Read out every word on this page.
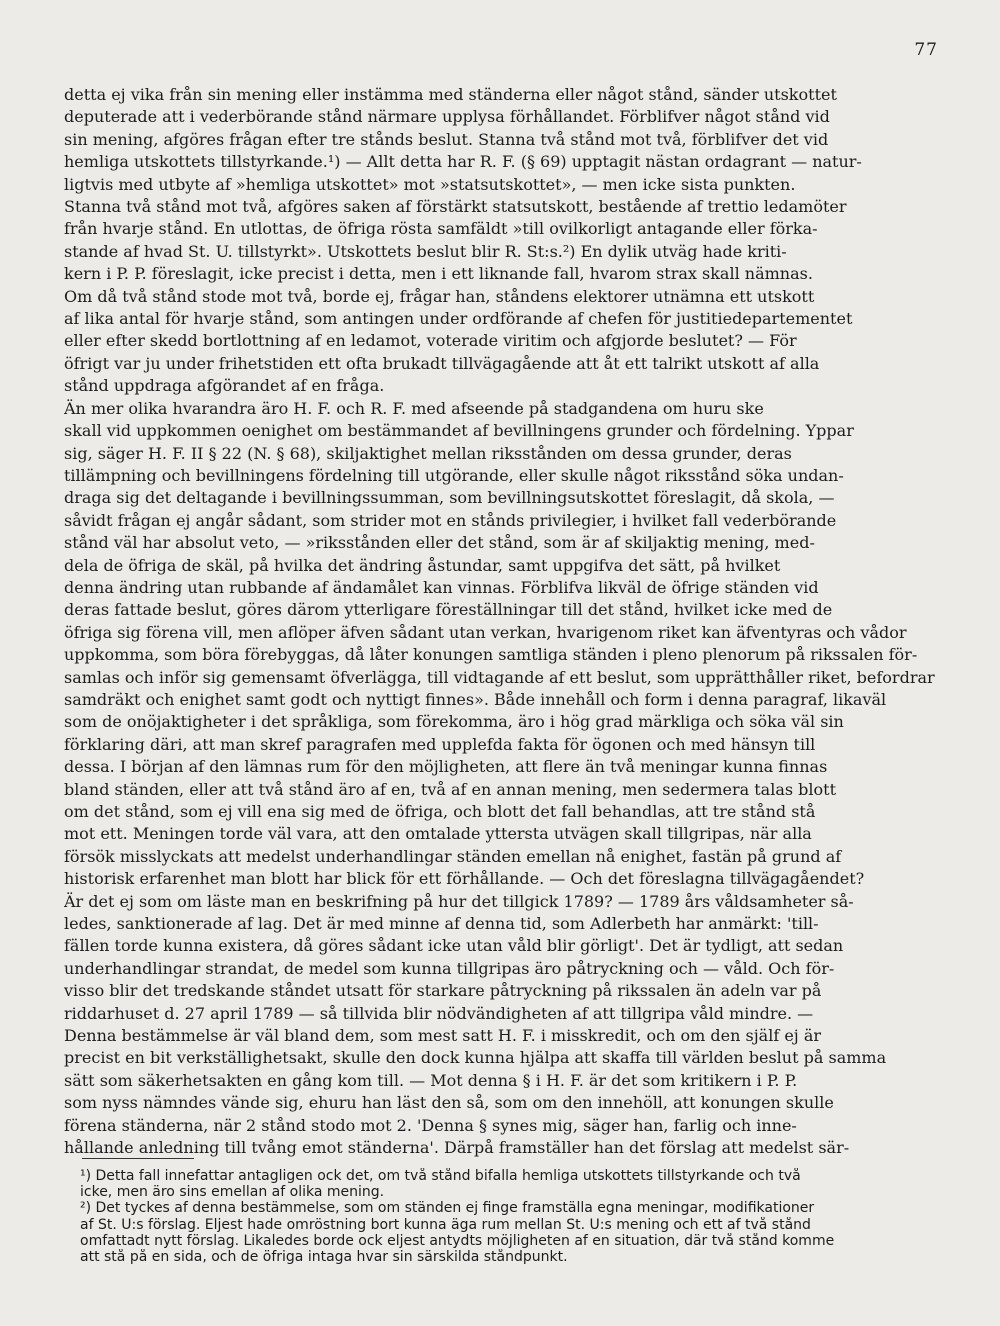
77
detta ej vika från sin mening eller instämma med ständerna eller något stånd, sänder utskottet
deputerade att i vederbörande stånd närmare upplysa förhållandet. Förblifver något stånd vid
sin mening, afgöres frågan efter tre stånds beslut. Stanna två stånd mot två, förblifver det vid
hemliga utskottets tillstyrkande.¹) — Allt detta har R. F. (§ 69) upptagit nästan ordagrant — natur-
ligtvis med utbyte af »hemliga utskottet» mot »statsutskottet», — men icke sista punkten.
Stanna två stånd mot två, afgöres saken af förstärkt statsutskott, bestående af trettio ledamöter
från hvarje stånd. En utlottas, de öfriga rösta samfäldt »till ovilkorligt antagande eller förka-
stande af hvad St. U. tillstyrkt». Utskottets beslut blir R. St:s.²) En dylik utväg hade kriti-
kern i P. P. föreslagit, icke precist i detta, men i ett liknande fall, hvarom strax skall nämnas.
Om då två stånd stode mot två, borde ej, frågar han, ståndens elektorer utnämna ett utskott
af lika antal för hvarje stånd, som antingen under ordförande af chefen för justitiedepartementet
eller efter skedd bortlottning af en ledamot, voterade viritim och afgjorde beslutet? — För
öfrigt var ju under frihetstiden ett ofta brukadt tillvägagående att åt ett talrikt utskott af alla
stånd uppdraga afgörandet af en fråga.
Än mer olika hvarandra äro H. F. och R. F. med afseende på stadgandena om huru ske
skall vid uppkommen oenighet om bestämmandet af bevillningens grunder och fördelning. Yppar
sig, säger H. F. II § 22 (N. § 68), skiljaktighet mellan riksstånden om dessa grunder, deras
tillämpning och bevillningens fördelning till utgörande, eller skulle något riksstånd söka undan-
draga sig det deltagande i bevillningssumman, som bevillningsutskottet föreslagit, då skola, —
såvidt frågan ej angår sådant, som strider mot en stånds privilegier, i hvilket fall vederbörande
stånd väl har absolut veto, — »riksstånden eller det stånd, som är af skiljaktig mening, med-
dela de öfriga de skäl, på hvilka det ändring åstundar, samt uppgifva det sätt, på hvilket
denna ändring utan rubbande af ändamålet kan vinnas. Förblifva likväl de öfrige ständen vid
deras fattade beslut, göres därom ytterligare föreställningar till det stånd, hvilket icke med de
öfriga sig förena vill, men aflöper äfven sådant utan verkan, hvarigenom riket kan äfventyras och vådor
uppkomma, som böra förebyggas, då låter konungen samtliga ständen i pleno plenorum på rikssalen för-
samlas och inför sig gemensamt öfverlägga, till vidtagande af ett beslut, som upprätthåller riket, befordrar
samdräkt och enighet samt godt och nyttigt finnes». Både innehåll och form i denna paragraf, likaväl
som de onöjaktigheter i det språkliga, som förekomma, äro i hög grad märkliga och söka väl sin
förklaring däri, att man skref paragrafen med upplefda fakta för ögonen och med hänsyn till
dessa. I början af den lämnas rum för den möjligheten, att flere än två meningar kunna finnas
bland ständen, eller att två stånd äro af en, två af en annan mening, men sedermera talas blott
om det stånd, som ej vill ena sig med de öfriga, och blott det fall behandlas, att tre stånd stå
mot ett. Meningen torde väl vara, att den omtalade yttersta utvägen skall tillgripas, när alla
försök misslyckats att medelst underhandlingar ständen emellan nå enighet, fastän på grund af
historisk erfarenhet man blott har blick för ett förhållande. — Och det föreslagna tillvägagåendet?
Är det ej som om läste man en beskrifning på hur det tillgick 1789? — 1789 års våldsamheter så-
ledes, sanktionerade af lag. Det är med minne af denna tid, som Adlerbeth har anmärkt: 'till-
fällen torde kunna existera, då göres sådant icke utan våld blir görligt'. Det är tydligt, att sedan
underhandlingar strandat, de medel som kunna tillgripas äro påtryckning och — våld. Och för-
visso blir det tredskande ståndet utsatt för starkare påtryckning på rikssalen än adeln var på
riddarhuset d. 27 april 1789 — så tillvida blir nödvändigheten af att tillgripa våld mindre. —
Denna bestämmelse är väl bland dem, som mest satt H. F. i misskredit, och om den själf ej är
precist en bit verkställighetsakt, skulle den dock kunna hjälpa att skaffa till världen beslut på samma
sätt som säkerhetsakten en gång kom till. — Mot denna § i H. F. är det som kritikern i P. P.
som nyss nämndes vände sig, ehuru han läst den så, som om den innehöll, att konungen skulle
förena ständerna, när 2 stånd stodo mot 2. 'Denna § synes mig, säger han, farlig och inne-
hållande anledning till tvång emot ständerna'. Därpå framställer han det förslag att medelst sär-
¹) Detta fall innefattar antagligen ock det, om två stånd bifalla hemliga utskottets tillstyrkande och två
icke, men äro sins emellan af olika mening.
²) Det tyckes af denna bestämmelse, som om ständen ej finge framställa egna meningar, modifikationer
af St. U:s förslag. Eljest hade omröstning bort kunna äga rum mellan St. U:s mening och ett af två stånd
omfattadt nytt förslag. Likaledes borde ock eljest antydts möjligheten af en situation, där två stånd komme
att stå på en sida, och de öfriga intaga hvar sin särskilda ståndpunkt.
